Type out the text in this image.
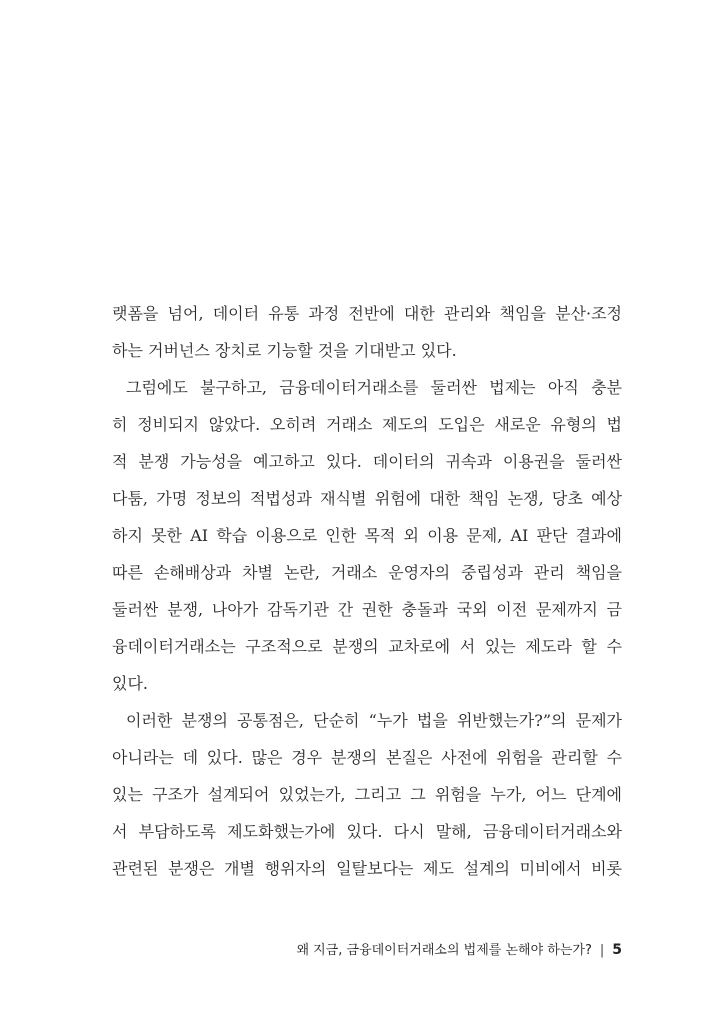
랫폼을 넘어, 데이터 유통 과정 전반에 대한 관리와 책임을 분산·조정
하는 거버넌스 장치로 기능할 것을 기대받고 있다.
그럼에도 불구하고, 금융데이터거래소를 둘러싼 법제는 아직 충분
히 정비되지 않았다. 오히려 거래소 제도의 도입은 새로운 유형의 법
적 분쟁 가능성을 예고하고 있다. 데이터의 귀속과 이용권을 둘러싼
다툼, 가명 정보의 적법성과 재식별 위험에 대한 책임 논쟁, 당초 예상
하지 못한 AI 학습 이용으로 인한 목적 외 이용 문제, AI 판단 결과에
따른 손해배상과 차별 논란, 거래소 운영자의 중립성과 관리 책임을
둘러싼 분쟁, 나아가 감독기관 간 권한 충돌과 국외 이전 문제까지 금
융데이터거래소는 구조적으로 분쟁의 교차로에 서 있는 제도라 할 수
있다.
이러한 분쟁의 공통점은, 단순히 “누가 법을 위반했는가?”의 문제가
아니라는 데 있다. 많은 경우 분쟁의 본질은 사전에 위험을 관리할 수
있는 구조가 설계되어 있었는가, 그리고 그 위험을 누가, 어느 단계에
서 부담하도록 제도화했는가에 있다. 다시 말해, 금융데이터거래소와
관련된 분쟁은 개별 행위자의 일탈보다는 제도 설계의 미비에서 비롯
왜 지금, 금융데이터거래소의 법제를 논해야 하는가? | 5
